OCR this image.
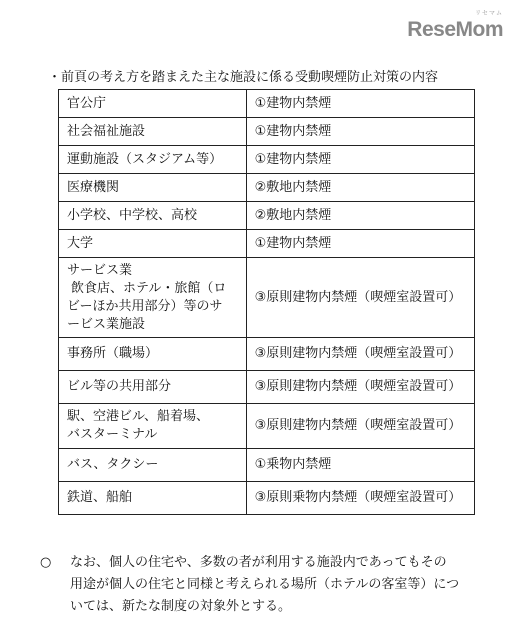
リセマム
ReseMom
・前頁の考え方を踏まえた主な施設に係る受動喫煙防止対策の内容
官公庁	①建物内禁煙

社会福祉施設	①建物内禁煙

運動施設（スタジアム等）	①建物内禁煙

医療機関	②敷地内禁煙

小学校、中学校、高校	②敷地内禁煙

大学	①建物内禁煙

サービス業
飲食店、ホテル・旅館（ロ
ビーほか共用部分）等のサ
ービス業施設	③原則建物内禁煙（喫煙室設置可）

事務所（職場）	③原則建物内禁煙（喫煙室設置可）

ビル等の共用部分	③原則建物内禁煙（喫煙室設置可）

駅、空港ビル、船着場、
バスターミナル	③原則建物内禁煙（喫煙室設置可）

バス、タクシー	①乗物内禁煙

鉄道、船舶	③原則乗物内禁煙（喫煙室設置可）
○ なお、個人の住宅や、多数の者が利用する施設内であってもその
用途が個人の住宅と同様と考えられる場所（ホテルの客室等）につ
いては、新たな制度の対象外とする。
